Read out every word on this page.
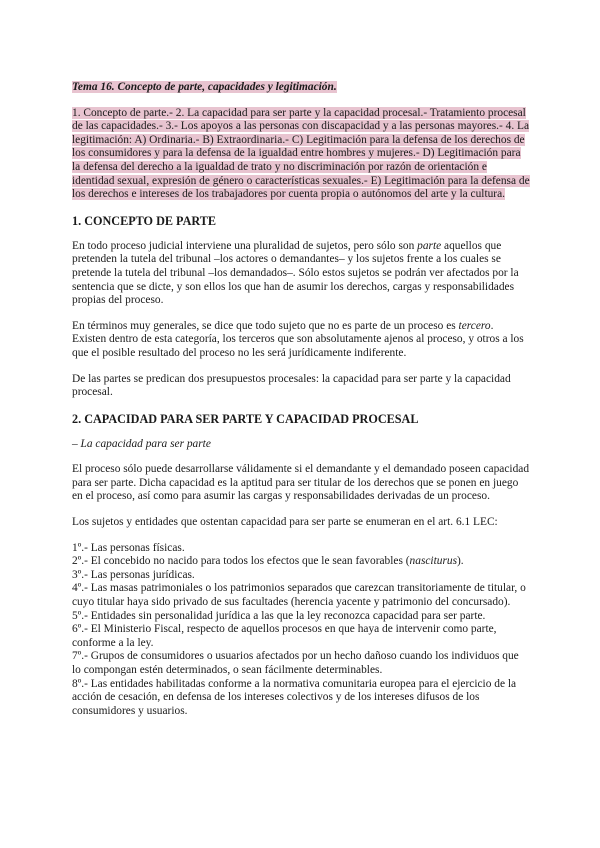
Tema 16. Concepto de parte, capacidades y legitimación.
1. Concepto de parte.- 2. La capacidad para ser parte y la capacidad procesal.- Tratamiento procesal de las capacidades.- 3.- Los apoyos a las personas con discapacidad y a las personas mayores.- 4. La legitimación: A) Ordinaria.- B) Extraordinaria.- C) Legitimación para la defensa de los derechos de los consumidores y para la defensa de la igualdad entre hombres y mujeres.- D) Legitimación para la defensa del derecho a la igualdad de trato y no discriminación por razón de orientación e identidad sexual, expresión de género o características sexuales.- E) Legitimación para la defensa de los derechos e intereses de los trabajadores por cuenta propia o autónomos del arte y la cultura.
1. CONCEPTO DE PARTE

En todo proceso judicial interviene una pluralidad de sujetos, pero sólo son parte aquellos que pretenden la tutela del tribunal –los actores o demandantes– y los sujetos frente a los cuales se pretende la tutela del tribunal –los demandados–. Sólo estos sujetos se podrán ver afectados por la sentencia que se dicte, y son ellos los que han de asumir los derechos, cargas y responsabilidades propias del proceso.

En términos muy generales, se dice que todo sujeto que no es parte de un proceso es tercero. Existen dentro de esta categoría, los terceros que son absolutamente ajenos al proceso, y otros a los que el posible resultado del proceso no les será jurídicamente indiferente.

De las partes se predican dos presupuestos procesales: la capacidad para ser parte y la capacidad procesal.

2. CAPACIDAD PARA SER PARTE Y CAPACIDAD PROCESAL
– La capacidad para ser parte

El proceso sólo puede desarrollarse válidamente si el demandante y el demandado poseen capacidad para ser parte. Dicha capacidad es la aptitud para ser titular de los derechos que se ponen en juego en el proceso, así como para asumir las cargas y responsabilidades derivadas de un proceso.

Los sujetos y entidades que ostentan capacidad para ser parte se enumeran en el art. 6.1 LEC:

1º.- Las personas físicas.
2º.- El concebido no nacido para todos los efectos que le sean favorables (nasciturus).
3º.- Las personas jurídicas.
4º.- Las masas patrimoniales o los patrimonios separados que carezcan transitoriamente de titular, o cuyo titular haya sido privado de sus facultades (herencia yacente y patrimonio del concursado).
5º.- Entidades sin personalidad jurídica a las que la ley reconozca capacidad para ser parte.
6º.- El Ministerio Fiscal, respecto de aquellos procesos en que haya de intervenir como parte, conforme a la ley.
7º.- Grupos de consumidores o usuarios afectados por un hecho dañoso cuando los individuos que lo compongan estén determinados, o sean fácilmente determinables.
8º.- Las entidades habilitadas conforme a la normativa comunitaria europea para el ejercicio de la acción de cesación, en defensa de los intereses colectivos y de los intereses difusos de los consumidores y usuarios.
